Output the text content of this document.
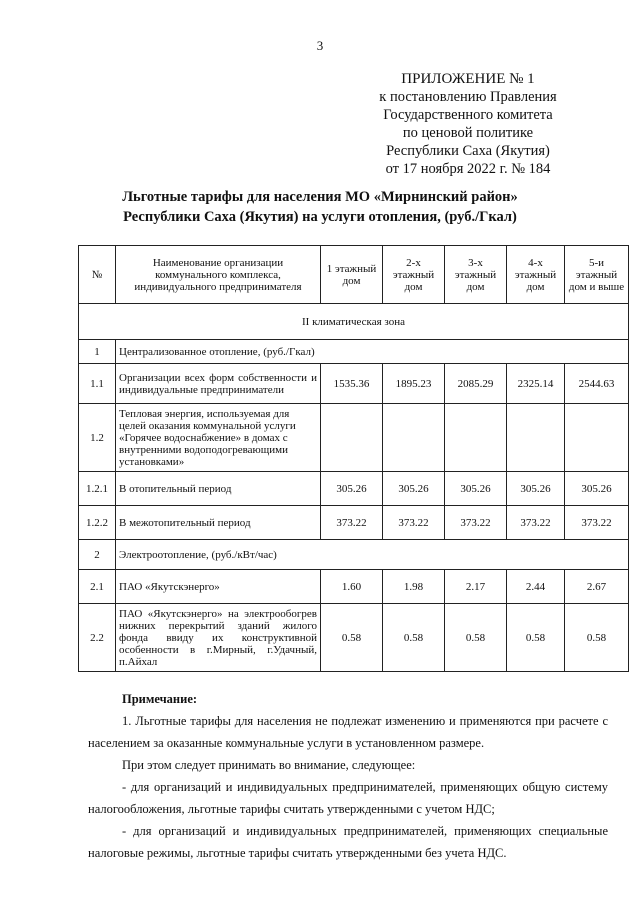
3
ПРИЛОЖЕНИЕ № 1
к постановлению Правления
Государственного комитета
по ценовой политике
Республики Саха (Якутия)
от 17 ноября 2022 г. № 184
Льготные тарифы для населения МО «Мирнинский район»
Республики Саха (Якутия) на услуги отопления, (руб./Гкал)
№	Наименование организации коммунального комплекса, индивидуального предпринимателя	1 этажный дом	2-х этажный дом	3-х этажный дом	4-х этажный дом	5-и этажный дом и выше
II климатическая зона						
1	Централизованное отопление, (руб./Гкал)					
1.1	Организации всех форм собственности и индивидуальные предприниматели	1535.36	1895.23	2085.29	2325.14	2544.63
1.2	Тепловая энергия, используемая для целей оказания коммунальной услуги «Горячее водоснабжение» в домах с внутренними водоподогревающими установками»					
1.2.1	В отопительный период	305.26	305.26	305.26	305.26	305.26
1.2.2	В межотопительный период	373.22	373.22	373.22	373.22	373.22
2	Электроотопление, (руб./кВт/час)					
2.1	ПАО «Якутскэнерго»	1.60	1.98	2.17	2.44	2.67
2.2	ПАО «Якутскэнерго» на электрообогрев нижних перекрытий зданий жилого фонда ввиду их конструктивной особенности в г.Мирный, г.Удачный, п.Айхал	0.58	0.58	0.58	0.58	0.58

Примечание:

1. Льготные тарифы для населения не подлежат изменению и применяются при расчете с населением за оказанные коммунальные услуги в установленном размере.

При этом следует принимать во внимание, следующее:

- для организаций и индивидуальных предпринимателей, применяющих общую систему налогообложения, льготные тарифы считать утвержденными с учетом НДС;

- для организаций и индивидуальных предпринимателей, применяющих специальные налоговые режимы, льготные тарифы считать утвержденными без учета НДС.
